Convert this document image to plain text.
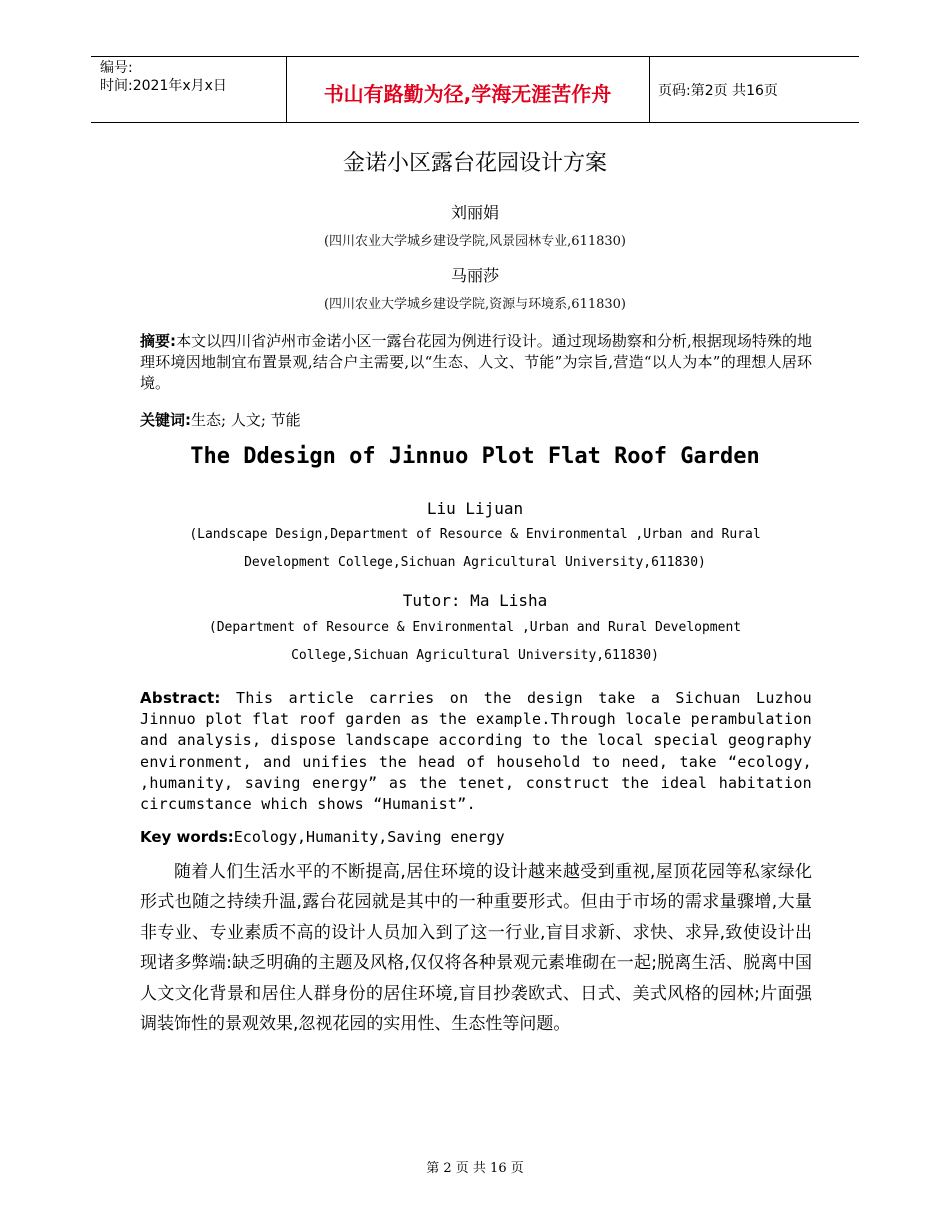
编号:
时间:2021年x月x日	书山有路勤为径,学海无涯苦作舟	页码:第2页 共16页
金诺小区露台花园设计方案
刘丽娟
(四川农业大学城乡建设学院,风景园林专业,611830)
马丽莎
(四川农业大学城乡建设学院,资源与环境系,611830)
摘要:本文以四川省泸州市金诺小区一露台花园为例进行设计。通过现场勘察和分析,根据现场特殊的地理环境因地制宜布置景观,结合户主需要,以“生态、人文、节能”为宗旨,营造“以人为本”的理想人居环境。
关键词:生态; 人文; 节能
The Ddesign of Jinnuo Plot Flat Roof Garden
Liu Lijuan
(Landscape Design,Department of Resource & Environmental ,Urban and Rural
Development College,Sichuan Agricultural University,611830)
Tutor: Ma Lisha
(Department of Resource & Environmental ,Urban and Rural Development
College,Sichuan Agricultural University,611830)
Abstract: This article carries on the design take a Sichuan Luzhou Jinnuo plot flat roof garden as the example.Through locale perambulation and analysis, dispose landscape according to the local special geography environment, and unifies the head of household to need, take “ecology, ,humanity, saving energy” as the tenet, construct the ideal habitation circumstance which shows “Humanist”.
Key words:Ecology,Humanity,Saving energy
随着人们生活水平的不断提高,居住环境的设计越来越受到重视,屋顶花园等私家绿化形式也随之持续升温,露台花园就是其中的一种重要形式。但由于市场的需求量骤增,大量非专业、专业素质不高的设计人员加入到了这一行业,盲目求新、求快、求异,致使设计出现诸多弊端:缺乏明确的主题及风格,仅仅将各种景观元素堆砌在一起;脱离生活、脱离中国人文文化背景和居住人群身份的居住环境,盲目抄袭欧式、日式、美式风格的园林;片面强调装饰性的景观效果,忽视花园的实用性、生态性等问题。
第 2 页 共 16 页
